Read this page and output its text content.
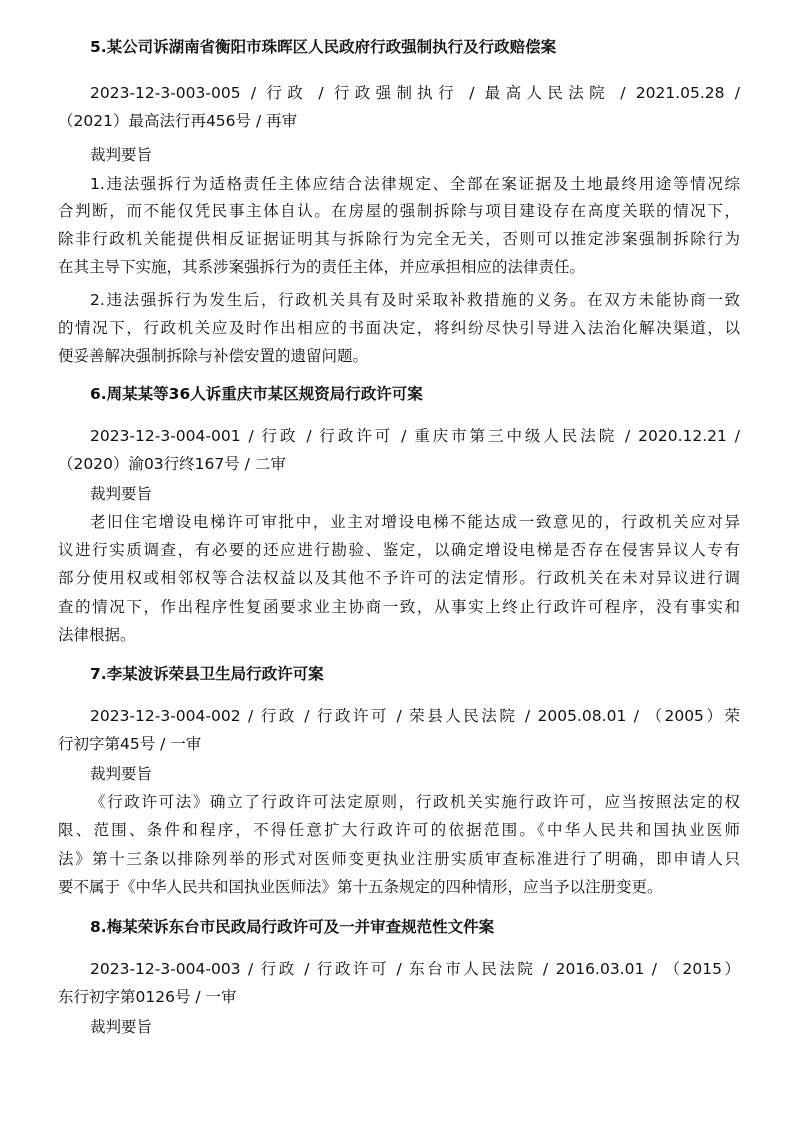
5.某公司诉湖南省衡阳市珠晖区人民政府行政强制执行及行政赔偿案
2023-12-3-003-005 / 行政 / 行政强制执行 / 最高人民法院 / 2021.05.28 /
（2021）最高法行再456号 / 再审
裁判要旨
1.违法强拆行为适格责任主体应结合法律规定、全部在案证据及土地最终用途等情况综
合判断，而不能仅凭民事主体自认。在房屋的强制拆除与项目建设存在高度关联的情况下，
除非行政机关能提供相反证据证明其与拆除行为完全无关，否则可以推定涉案强制拆除行为
在其主导下实施，其系涉案强拆行为的责任主体，并应承担相应的法律责任。
2.违法强拆行为发生后，行政机关具有及时采取补救措施的义务。在双方未能协商一致
的情况下，行政机关应及时作出相应的书面决定，将纠纷尽快引导进入法治化解决渠道，以
便妥善解决强制拆除与补偿安置的遗留问题。
6.周某某等36人诉重庆市某区规资局行政许可案
2023-12-3-004-001 / 行政 / 行政许可 / 重庆市第三中级人民法院 / 2020.12.21 /
（2020）渝03行终167号 / 二审
裁判要旨
老旧住宅增设电梯许可审批中，业主对增设电梯不能达成一致意见的，行政机关应对异
议进行实质调查，有必要的还应进行勘验、鉴定，以确定增设电梯是否存在侵害异议人专有
部分使用权或相邻权等合法权益以及其他不予许可的法定情形。行政机关在未对异议进行调
查的情况下，作出程序性复函要求业主协商一致，从事实上终止行政许可程序，没有事实和
法律根据。
7.李某波诉荣县卫生局行政许可案
2023-12-3-004-002 / 行政 / 行政许可 / 荣县人民法院 / 2005.08.01 / （2005）荣
行初字第45号 / 一审
裁判要旨
《行政许可法》确立了行政许可法定原则，行政机关实施行政许可，应当按照法定的权
限、范围、条件和程序，不得任意扩大行政许可的依据范围。《中华人民共和国执业医师
法》第十三条以排除列举的形式对医师变更执业注册实质审查标准进行了明确，即申请人只
要不属于《中华人民共和国执业医师法》第十五条规定的四种情形，应当予以注册变更。
8.梅某荣诉东台市民政局行政许可及一并审查规范性文件案
2023-12-3-004-003 / 行政 / 行政许可 / 东台市人民法院 / 2016.03.01 / （2015）
东行初字第0126号 / 一审
裁判要旨
